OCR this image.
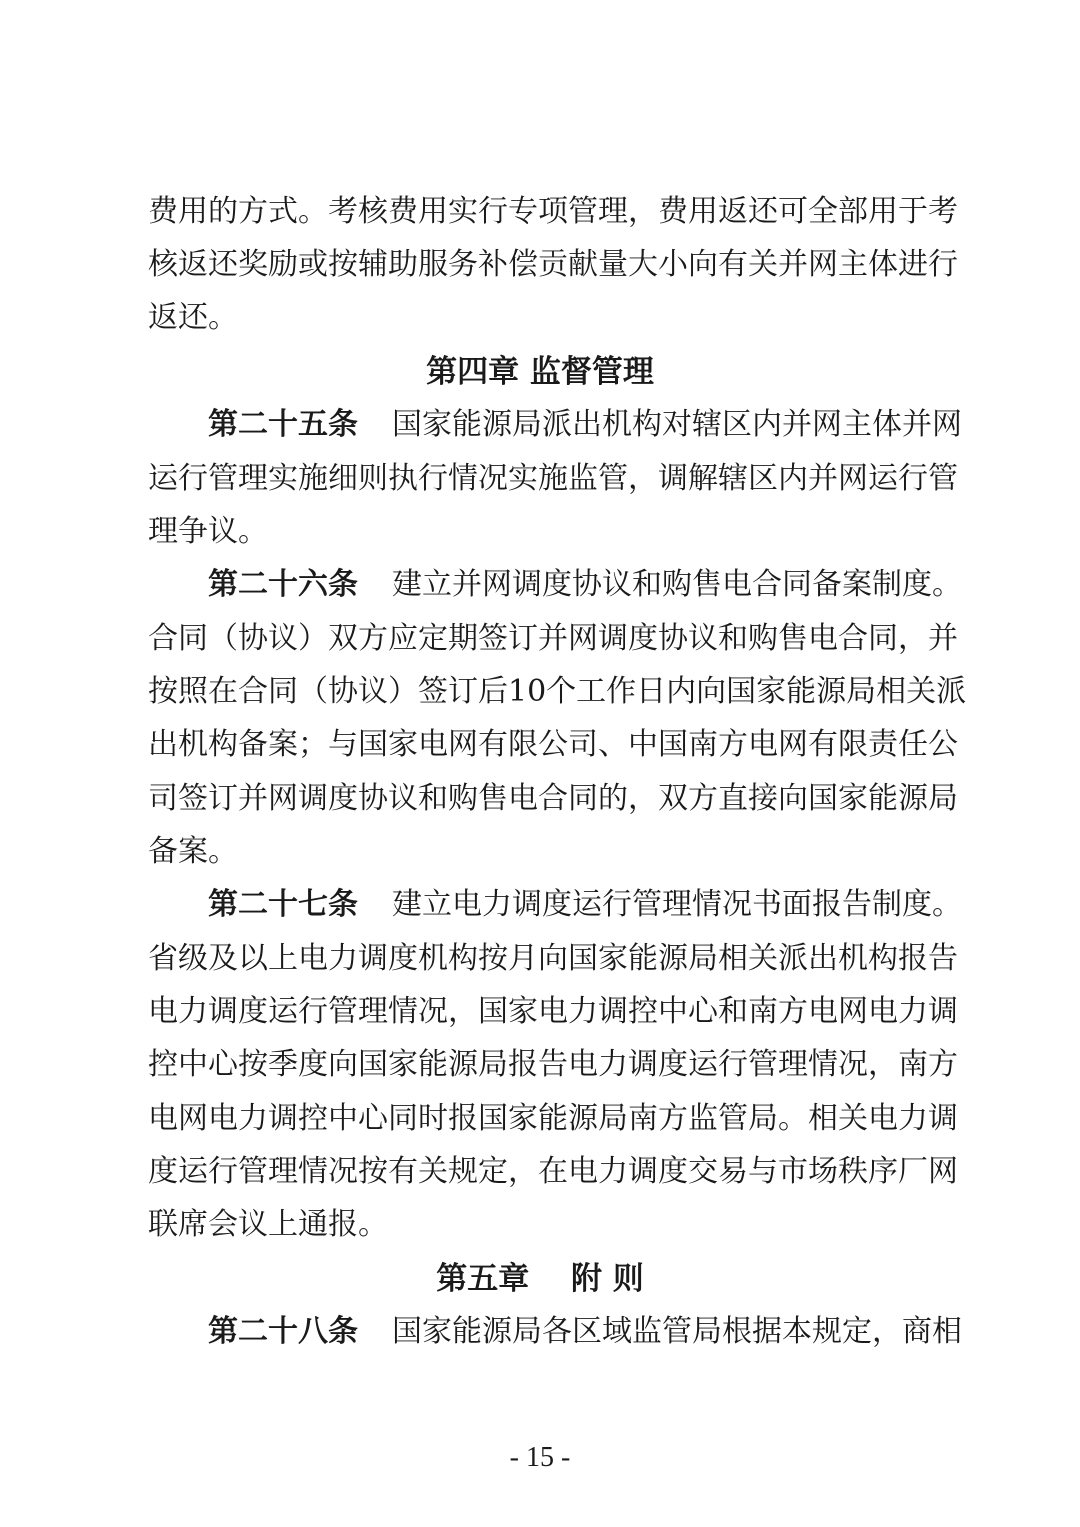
费用的方式。考核费用实行专项管理，费用返还可全部用于考
核返还奖励或按辅助服务补偿贡献量大小向有关并网主体进行
返还。
第四章 监督管理
第二十五条 国家能源局派出机构对辖区内并网主体并网
运行管理实施细则执行情况实施监管，调解辖区内并网运行管
理争议。
第二十六条 建立并网调度协议和购售电合同备案制度。
合同（协议）双方应定期签订并网调度协议和购售电合同，并
按照在合同（协议）签订后10个工作日内向国家能源局相关派
出机构备案；与国家电网有限公司、中国南方电网有限责任公
司签订并网调度协议和购售电合同的，双方直接向国家能源局
备案。
第二十七条 建立电力调度运行管理情况书面报告制度。
省级及以上电力调度机构按月向国家能源局相关派出机构报告
电力调度运行管理情况，国家电力调控中心和南方电网电力调
控中心按季度向国家能源局报告电力调度运行管理情况，南方
电网电力调控中心同时报国家能源局南方监管局。相关电力调
度运行管理情况按有关规定，在电力调度交易与市场秩序厂网
联席会议上通报。
第五章　 附 则
第二十八条 国家能源局各区域监管局根据本规定，商相
- 15 -
